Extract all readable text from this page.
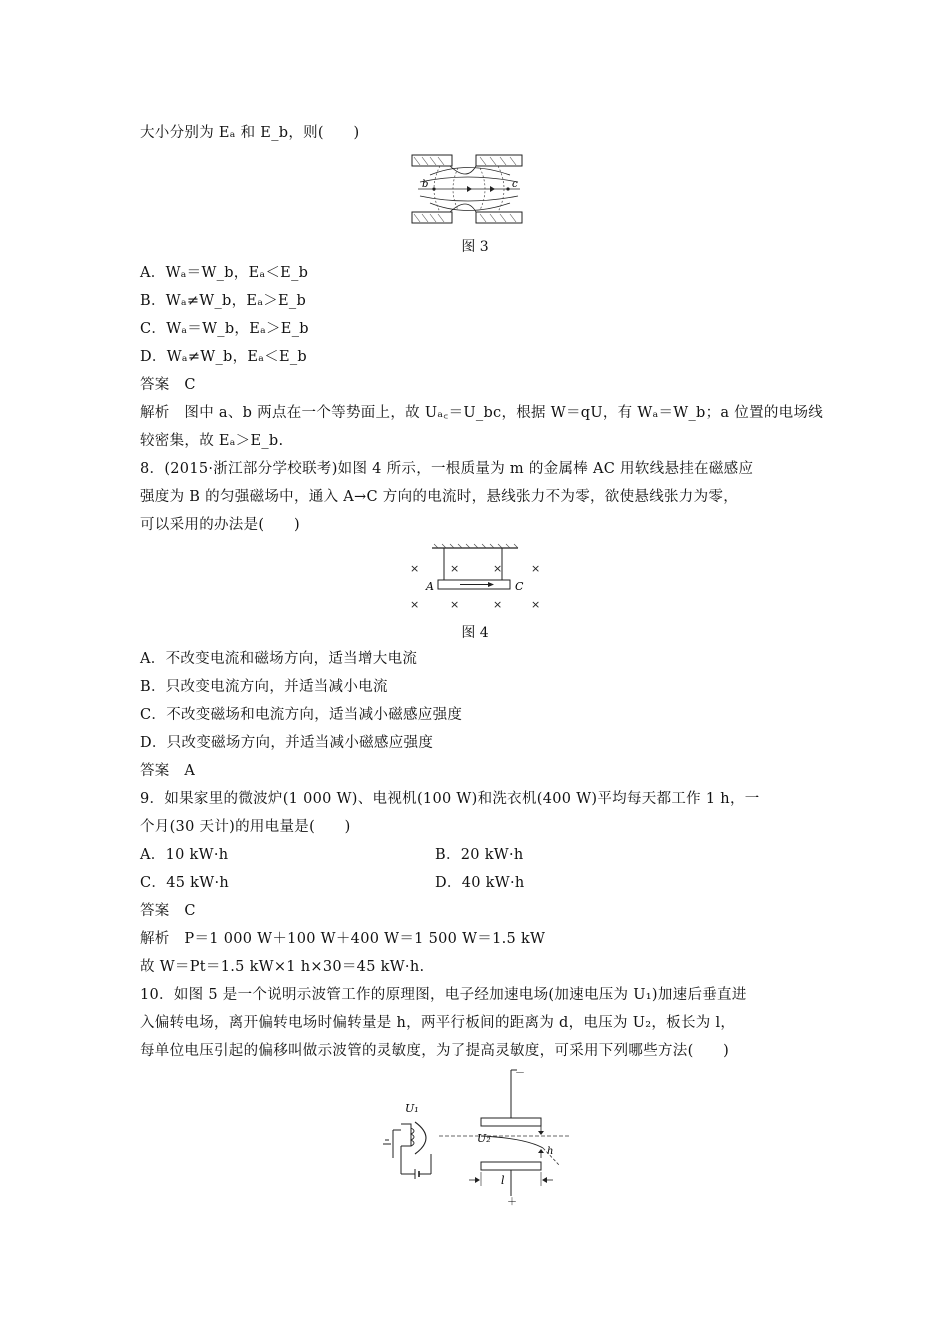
大小分别为 Eₐ 和 E_b，则(　　)
b	c
图 3
A．Wₐ＝W_b，Eₐ＜E_b
B．Wₐ≠W_b，Eₐ＞E_b
C．Wₐ＝W_b，Eₐ＞E_b
D．Wₐ≠W_b，Eₐ＜E_b
答案　C
解析　图中 a、b 两点在一个等势面上，故 Uₐ꜀＝U_bc，根据 W＝qU，有 Wₐ＝W_b；a 位置的电场线
较密集，故 Eₐ＞E_b.
8．(2015·浙江部分学校联考)如图 4 所示，一根质量为 m 的金属棒 AC 用软线悬挂在磁感应
强度为 B 的匀强磁场中，通入 A→C 方向的电流时，悬线张力不为零，欲使悬线张力为零，
可以采用的办法是(　　)
×	×	×	×
×	×	×	×
A	C
图 4
A．不改变电流和磁场方向，适当增大电流
B．只改变电流方向，并适当减小电流
C．不改变磁场和电流方向，适当减小磁感应强度
D．只改变磁场方向，并适当减小磁感应强度
答案　A
9．如果家里的微波炉(1 000 W)、电视机(100 W)和洗衣机(400 W)平均每天都工作 1 h，一
个月(30 天计)的用电量是(　　)
A．10 kW·h	B．20 kW·h
C．45 kW·h	D．40 kW·h
答案　C
解析　P＝1 000 W＋100 W＋400 W＝1 500 W＝1.5 kW
故 W＝Pt＝1.5 kW×1 h×30＝45 kW·h.
10．如图 5 是一个说明示波管工作的原理图，电子经加速电场(加速电压为 U₁)加速后垂直进
入偏转电场，离开偏转电场时偏转量是 h，两平行板间的距离为 d，电压为 U₂，板长为 l，
每单位电压引起的偏移叫做示波管的灵敏度，为了提高灵敏度，可采用下列哪些方法(　　)
U₁
U₂
h
l
－
＋
